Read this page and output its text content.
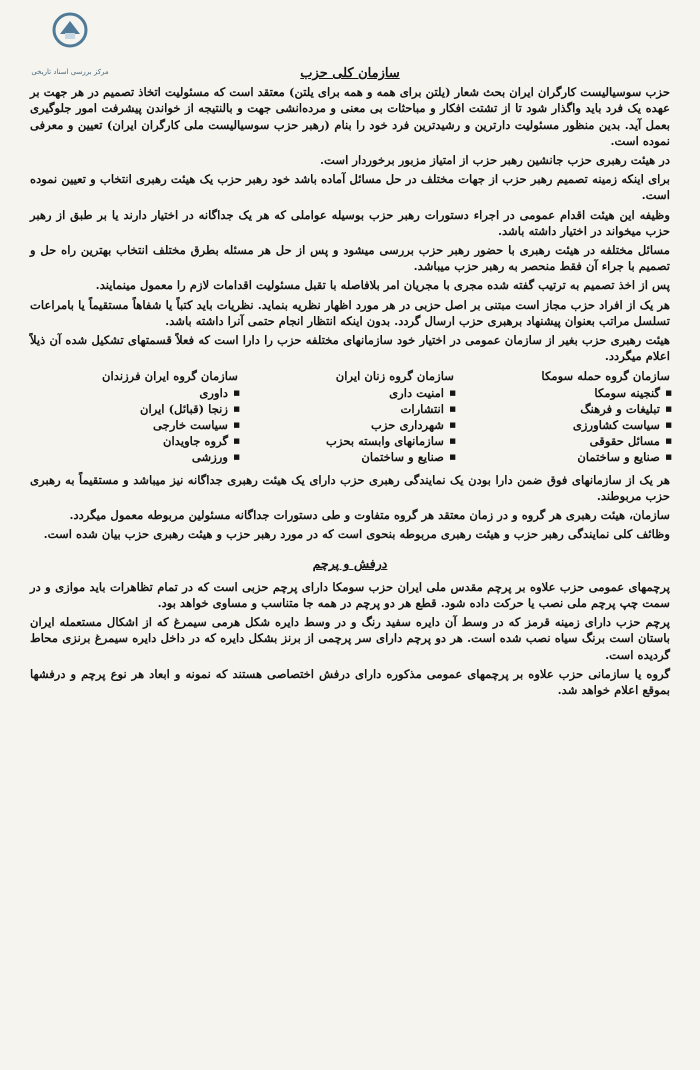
مرکز بررسی اسناد تاریخی	سازمان کلی حزب

حزب سوسیالیست کارگران ایران بحث شعار (یلتن برای همه و همه برای یلتن) معتقد است که مسئولیت اتخاذ تصمیم در هر جهت بر عهده یک فرد باید واگذار شود تا از تشتت افکار و مباحثات بی معنی و مرده‌انشی جهت و بالنتیجه از خواندن پیشرفت امور جلوگیری بعمل آید. بدین منظور مسئولیت دارترین و رشیدترین فرد خود را بنام (رهبر حزب سوسیالیست ملی کارگران ایران) تعیین و معرفی نموده است.

در هیئت رهبری حزب جانشین رهبر حزب از امتیاز مزبور برخوردار است.

برای اینکه زمینه تصمیم رهبر حزب از جهات مختلف در حل مسائل آماده باشد خود رهبر حزب یک هیئت رهبری انتخاب و تعیین نموده است.

وظیفه این هیئت اقدام عمومی در اجراء دستورات رهبر حزب بوسیله عواملی که هر یک جداگانه در اختیار دارند یا بر طبق از رهبر حزب میخواند در اختیار داشته باشد.

مسائل مختلفه در هیئت رهبری با حضور رهبر حزب بررسی میشود و پس از حل هر مسئله بطرق مختلف انتخاب بهترین راه حل و تصمیم با جراء آن فقط منحصر به رهبر حزب میباشد.

پس از اخذ تصمیم به ترتیب گفته شده مجری با مجریان امر بلافاصله با تقبل مسئولیت اقدامات لازم را معمول مینمایند.

هر یک از افراد حزب مجاز است مبتنی بر اصل حزبی در هر مورد اظهار نظریه بنماید. نظریات باید کتباً یا شفاهاً مستقیماً یا بامراعات تسلسل مراتب بعنوان پیشنهاد برهبری حزب ارسال گردد. بدون اینکه انتظار انجام حتمی آنرا داشته باشد.

هیئت رهبری حزب بغیر از سازمان عمومی در اختیار خود سازمانهای مختلفه حزب را دارا است که فعلاً قسمتهای تشکیل شده آن ذیلاً اعلام میگردد.

سازمان گروه حمله سومکا
■ گنجینه سومکا
■ تبلیغات و فرهنگ
■ سیاست کشاورزی
■ مسائل حقوقی
■ صنایع و ساختمان
سازمان گروه زنان ایران
■ امنیت داری
■ انتشارات
■ شهرداری حزب
■ سازمانهای وابسته بحزب
■ صنایع و ساختمان
سازمان گروه ایران فرزندان
■ داوری
■ زنجا (قبائل) ایران
■ سیاست خارجی
■ گروه جاویدان
■ ورزشی

هر یک از سازمانهای فوق ضمن دارا بودن یک نمایندگی رهبری حزب دارای یک هیئت رهبری جداگانه نیز میباشد و مستقیماً به رهبری حزب مربوطند.

سازمان، هیئت رهبری هر گروه و در زمان معتقد هر گروه متفاوت و طی دستورات جداگانه مسئولین مربوطه معمول میگردد.

وظائف کلی نمایندگی رهبر حزب و هیئت رهبری مربوطه بنحوی است که در مورد رهبر حزب و هیئت رهبری حزب بیان شده است.

درفش و پرچم

پرچمهای عمومی حزب علاوه بر پرچم مقدس ملی ایران حزب سومکا دارای پرچم حزبی است که در تمام تظاهرات باید موازی و در سمت چپ پرچم ملی نصب یا حرکت داده شود. قطع هر دو پرچم در همه جا متناسب و مساوی خواهد بود.

پرچم حزب دارای زمینه قرمز که در وسط آن دایره سفید رنگ و در وسط دایره شکل هرمی سیمرغ که از اشکال مستعمله ایران باستان است برنگ سیاه نصب شده است. هر دو پرچم دارای سر پرچمی از برنز بشکل دایره که در داخل دایره سیمرغ برنزی محاط گردیده است.

گروه یا سازمانی حزب علاوه بر پرچمهای عمومی مذکوره دارای درفش اختصاصی هستند که نمونه و ابعاد هر نوع پرچم و درفشها بموقع اعلام خواهد شد.
